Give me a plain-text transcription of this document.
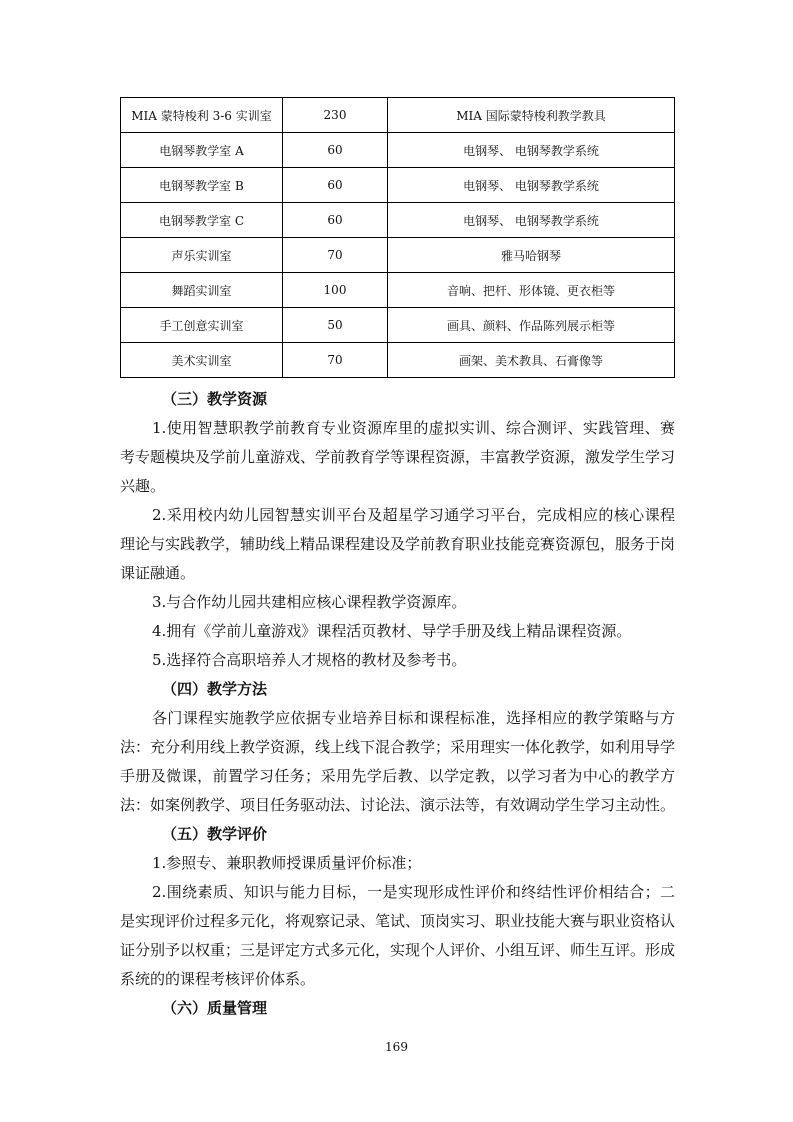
MIA 蒙特梭利 3-6 实训室	230	MIA 国际蒙特梭利教学教具
电钢琴教学室 A	60	电钢琴、 电钢琴教学系统
电钢琴教学室 B	60	电钢琴、 电钢琴教学系统
电钢琴教学室 C	60	电钢琴、 电钢琴教学系统
声乐实训室	70	雅马哈钢琴
舞蹈实训室	100	音响、把杆、形体镜、更衣柜等
手工创意实训室	50	画具、颜料、作品陈列展示柜等
美术实训室	70	画架、美术教具、石膏像等

（三）教学资源

1.使用智慧职教学前教育专业资源库里的虚拟实训、综合测评、实践管理、赛考专题模块及学前儿童游戏、学前教育学等课程资源，丰富教学资源，激发学生学习兴趣。

2.采用校内幼儿园智慧实训平台及超星学习通学习平台，完成相应的核心课程理论与实践教学，辅助线上精品课程建设及学前教育职业技能竞赛资源包，服务于岗课证融通。

3.与合作幼儿园共建相应核心课程教学资源库。

4.拥有《学前儿童游戏》课程活页教材、导学手册及线上精品课程资源。

5.选择符合高职培养人才规格的教材及参考书。

（四）教学方法

各门课程实施教学应依据专业培养目标和课程标准，选择相应的教学策略与方法：充分利用线上教学资源，线上线下混合教学；采用理实一体化教学，如利用导学手册及微课，前置学习任务；采用先学后教、以学定教，以学习者为中心的教学方法：如案例教学、项目任务驱动法、讨论法、演示法等，有效调动学生学习主动性。

（五）教学评价

1.参照专、兼职教师授课质量评价标准；

2.围绕素质、知识与能力目标，一是实现形成性评价和终结性评价相结合；二是实现评价过程多元化，将观察记录、笔试、顶岗实习、职业技能大赛与职业资格认证分别予以权重；三是评定方式多元化，实现个人评价、小组互评、师生互评。形成系统的的课程考核评价体系。

（六）质量管理

169
